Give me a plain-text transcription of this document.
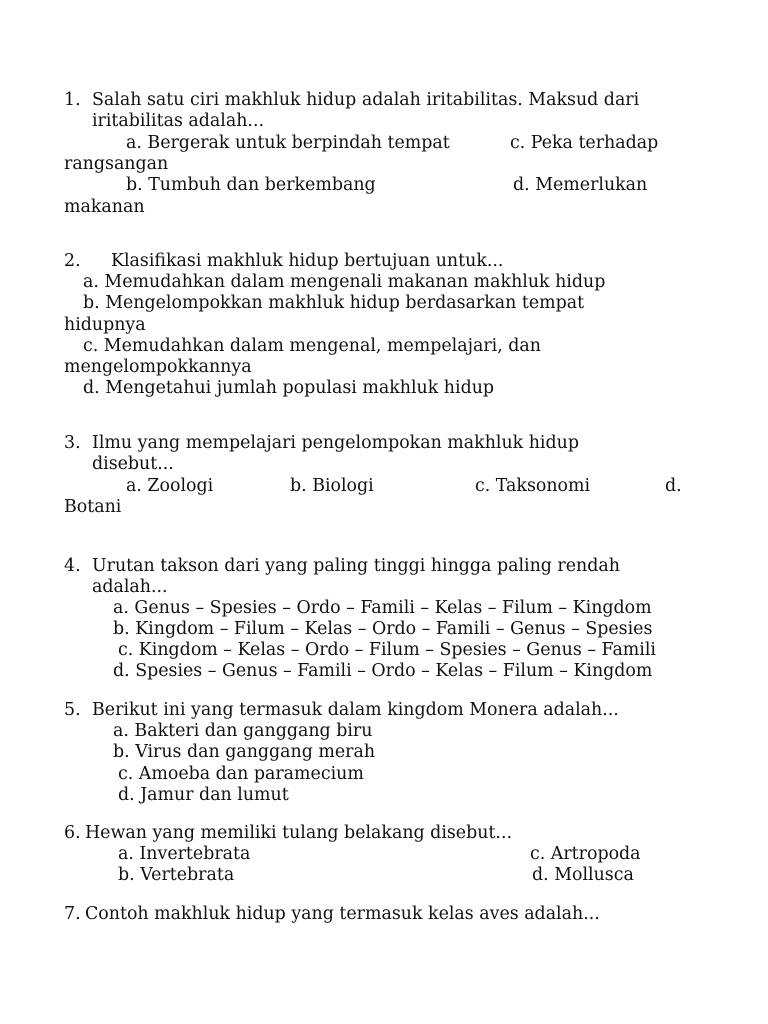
1. Salah satu ciri makhluk hidup adalah iritabilitas. Maksud dari
iritabilitas adalah...
a. Bergerak untuk berpindah tempat	c. Peka terhadap
rangsangan
b. Tumbuh dan berkembang	d. Memerlukan
makanan
2. Klasifikasi makhluk hidup bertujuan untuk...
a. Memudahkan dalam mengenali makanan makhluk hidup
b. Mengelompokkan makhluk hidup berdasarkan tempat
hidupnya
c. Memudahkan dalam mengenal, mempelajari, dan
mengelompokkannya
d. Mengetahui jumlah populasi makhluk hidup
3. Ilmu yang mempelajari pengelompokan makhluk hidup
disebut...
a. Zoologi	b. Biologi	c. Taksonomi	d.
Botani
4. Urutan takson dari yang paling tinggi hingga paling rendah
adalah...
a. Genus – Spesies – Ordo – Famili – Kelas – Filum – Kingdom
b. Kingdom – Filum – Kelas – Ordo – Famili – Genus – Spesies
c. Kingdom – Kelas – Ordo – Filum – Spesies – Genus – Famili
d. Spesies – Genus – Famili – Ordo – Kelas – Filum – Kingdom
5. Berikut ini yang termasuk dalam kingdom Monera adalah...
a. Bakteri dan ganggang biru
b. Virus dan ganggang merah
c. Amoeba dan paramecium
d. Jamur dan lumut
6. Hewan yang memiliki tulang belakang disebut...
a. Invertebrata	c. Artropoda
b. Vertebrata	d. Mollusca
7. Contoh makhluk hidup yang termasuk kelas aves adalah...
